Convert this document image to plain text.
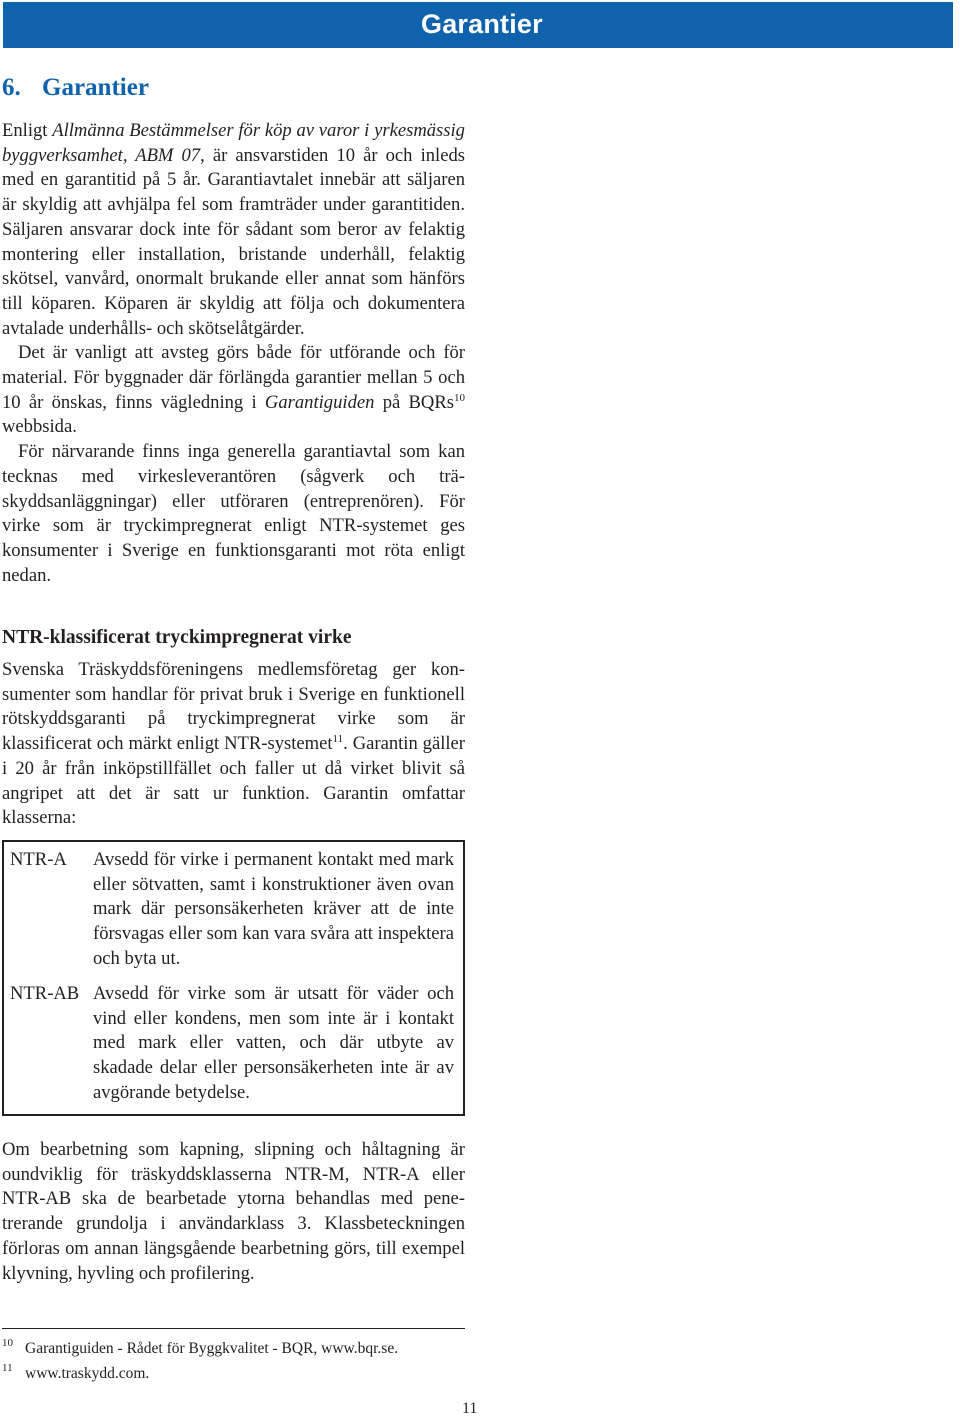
Garantier
6. Garantier

Enligt Allmänna Bestämmelser för köp av varor i yrkesmässig byggverksamhet, ABM 07, är ansvarstiden 10 år och inleds med en garantitid på 5 år. Garantiavtalet innebär att säljaren är skyldig att avhjälpa fel som framträder under garantitiden. Säljaren ansvarar dock inte för sådant som beror av felaktig montering eller installation, bristande underhåll, felaktig skötsel, vanvård, onormalt brukande eller annat som hänförs till köparen. Köparen är skyldig att följa och dokumentera avtalade underhålls- och skötselåtgärder.

Det är vanligt att avsteg görs både för utförande och för material. För byggnader där förlängda garantier mellan 5 och 10 år önskas, finns vägledning i Garantiguiden på BQRs$^{10}$ webbsida.

För närvarande finns inga generella garantiavtal som kan tecknas med virkesleverantören (sågverk och träskyddsanläggningar) eller utföraren (entreprenören). För virke som är tryckimpregnerat enligt NTR-systemet ges konsumenter i Sverige en funktionsgaranti mot röta enligt nedan.

NTR-klassificerat tryckimpregnerat virke

Svenska Träskyddsföreningens medlemsföretag ger konsumenter som handlar för privat bruk i Sverige en funktionell rötskyddsgaranti på tryckimpregnerat virke som är klassificerat och märkt enligt NTR-systemet$^{11}$. Garantin gäller i 20 år från inköpstillfället och faller ut då virket blivit så angripet att det är satt ur funktion. Garantin omfattar klasserna:

NTR-A Avsedd för virke i permanent kontakt med mark eller sötvatten, samt i konstruktioner även ovan mark där personsäkerheten kräver att de inte försvagas eller som kan vara svåra att inspektera och byta ut.
NTR-AB Avsedd för virke som är utsatt för väder och vind eller kondens, men som inte är i kontakt med mark eller vatten, och där utbyte av skadade delar eller personsäkerheten inte är av avgörande betydelse.

Om bearbetning som kapning, slipning och håltagning är oundviklig för träskyddsklasserna NTR-M, NTR-A eller NTR-AB ska de bearbetade ytorna behandlas med penetrerande grundolja i användarklass 3. Klassbeteckningen förloras om annan längsgående bearbetning görs, till exempel klyvning, hyvling och profilering.

10 Garantiguiden - Rådet för Byggkvalitet - BQR, www.bqr.se.
11 www.traskydd.com.
11
